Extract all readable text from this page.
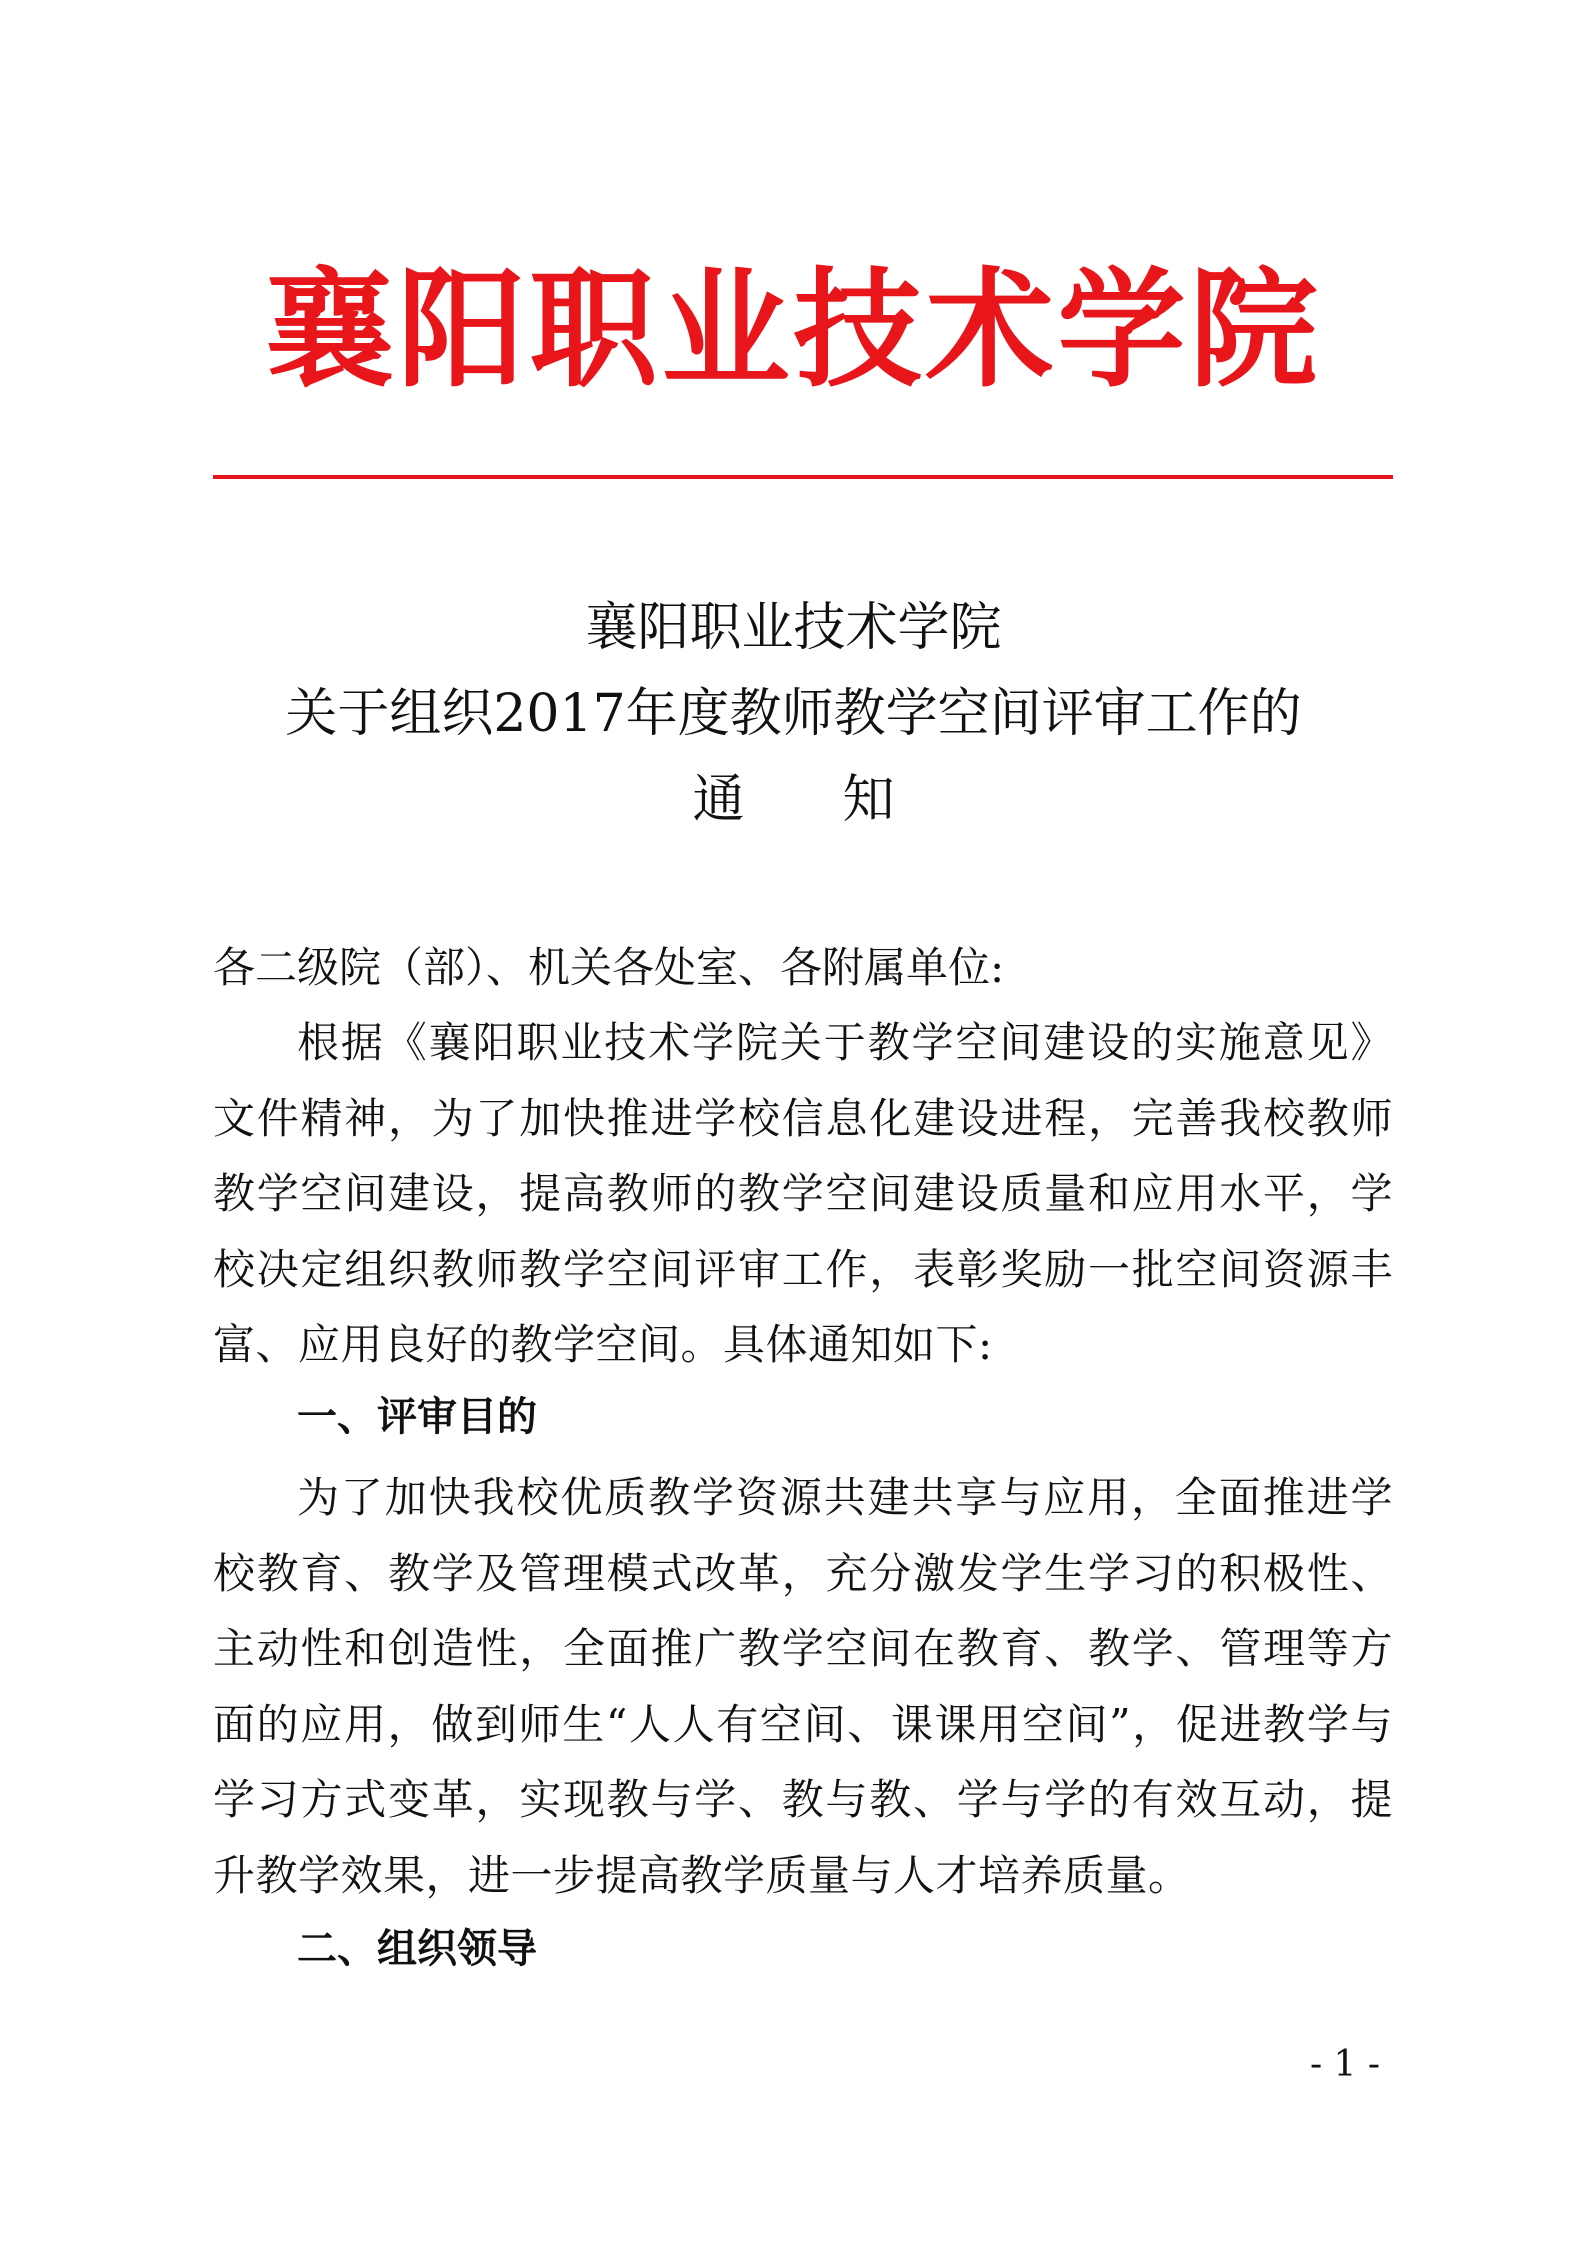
襄阳职业技术学院
襄阳职业技术学院
关于组织2017年度教师教学空间评审工作的
通 知
各二级院（部）、机关各处室、各附属单位:
根据《襄阳职业技术学院关于教学空间建设的实施意见》文件精神，为了加快推进学校信息化建设进程，完善我校教师教学空间建设，提高教师的教学空间建设质量和应用水平，学校决定组织教师教学空间评审工作，表彰奖励一批空间资源丰富、应用良好的教学空间。具体通知如下:
一、评审目的
为了加快我校优质教学资源共建共享与应用，全面推进学校教育、教学及管理模式改革，充分激发学生学习的积极性、主动性和创造性，全面推广教学空间在教育、教学、管理等方面的应用，做到师生“人人有空间、课课用空间”，促进教学与学习方式变革，实现教与学、教与教、学与学的有效互动，提升教学效果，进一步提高教学质量与人才培养质量。
二、组织领导
- 1 -
